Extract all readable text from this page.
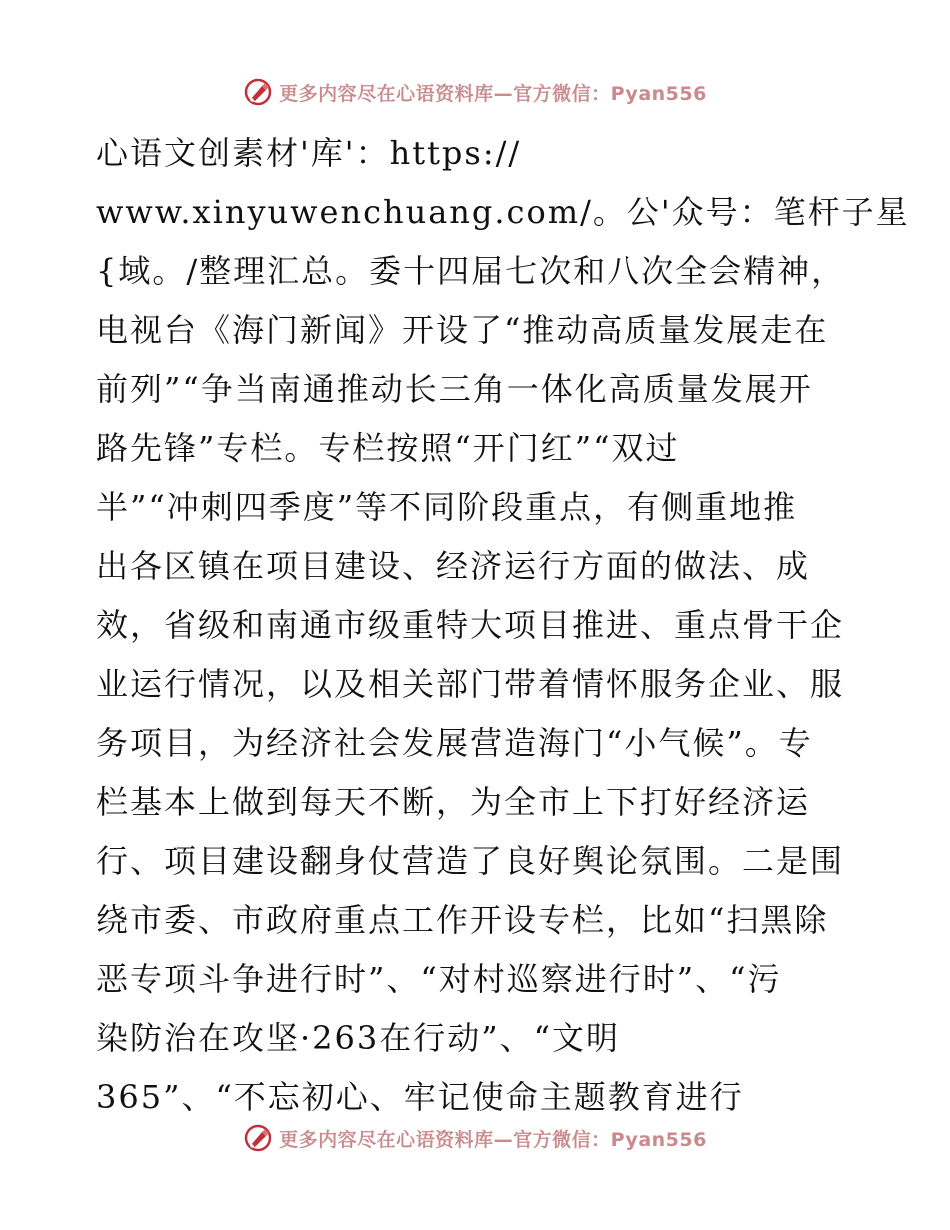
更多内容尽在心语资料库—官方微信：Pyan556
心语文创素材'库'：https://
www.xinyuwenchuang.com/。公'众号：笔杆子星
{域。/整理汇总。委十四届七次和八次全会精神，
电视台《海门新闻》开设了“推动高质量发展走在
前列”“争当南通推动长三角一体化高质量发展开
路先锋”专栏。专栏按照“开门红”“双过
半”“冲刺四季度”等不同阶段重点，有侧重地推
出各区镇在项目建设、经济运行方面的做法、成
效，省级和南通市级重特大项目推进、重点骨干企
业运行情况，以及相关部门带着情怀服务企业、服
务项目，为经济社会发展营造海门“小气候”。专
栏基本上做到每天不断，为全市上下打好经济运
行、项目建设翻身仗营造了良好舆论氛围。二是围
绕市委、市政府重点工作开设专栏，比如“扫黑除
恶专项斗争进行时”、“对村巡察进行时”、“污
染防治在攻坚·263在行动”、“文明
365”、“不忘初心、牢记使命主题教育进行
更多内容尽在心语资料库—官方微信：Pyan556
